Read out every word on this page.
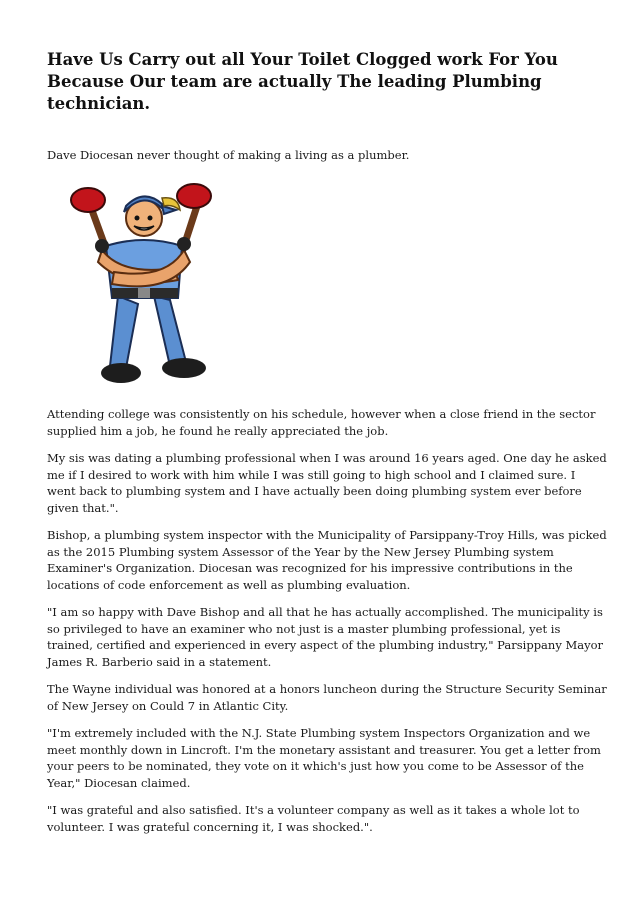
Have Us Carry out all Your Toilet Clogged work For You Because Our team are actually The leading Plumbing technician.

Dave Diocesan never thought of making a living as a plumber.

Attending college was consistently on his schedule, however when a close friend in the sector supplied him a job, he found he really appreciated the job.

My sis was dating a plumbing professional when I was around 16 years aged. One day he asked me if I desired to work with him while I was still going to high school and I claimed sure. I went back to plumbing system and I have actually been doing plumbing system ever before given that.".

Bishop, a plumbing system inspector with the Municipality of Parsippany-Troy Hills, was picked as the 2015 Plumbing system Assessor of the Year by the New Jersey Plumbing system Examiner's Organization. Diocesan was recognized for his impressive contributions in the locations of code enforcement as well as plumbing evaluation.

"I am so happy with Dave Bishop and all that he has actually accomplished. The municipality is so privileged to have an examiner who not just is a master plumbing professional, yet is trained, certified and experienced in every aspect of the plumbing industry," Parsippany Mayor James R. Barberio said in a statement.

The Wayne individual was honored at a honors luncheon during the Structure Security Seminar of New Jersey on Could 7 in Atlantic City.

"I'm extremely included with the N.J. State Plumbing system Inspectors Organization and we meet monthly down in Lincroft. I'm the monetary assistant and treasurer. You get a letter from your peers to be nominated, they vote on it which's just how you come to be Assessor of the Year," Diocesan claimed.

"I was grateful and also satisfied. It's a volunteer company as well as it takes a whole lot to volunteer. I was grateful concerning it, I was shocked.".
